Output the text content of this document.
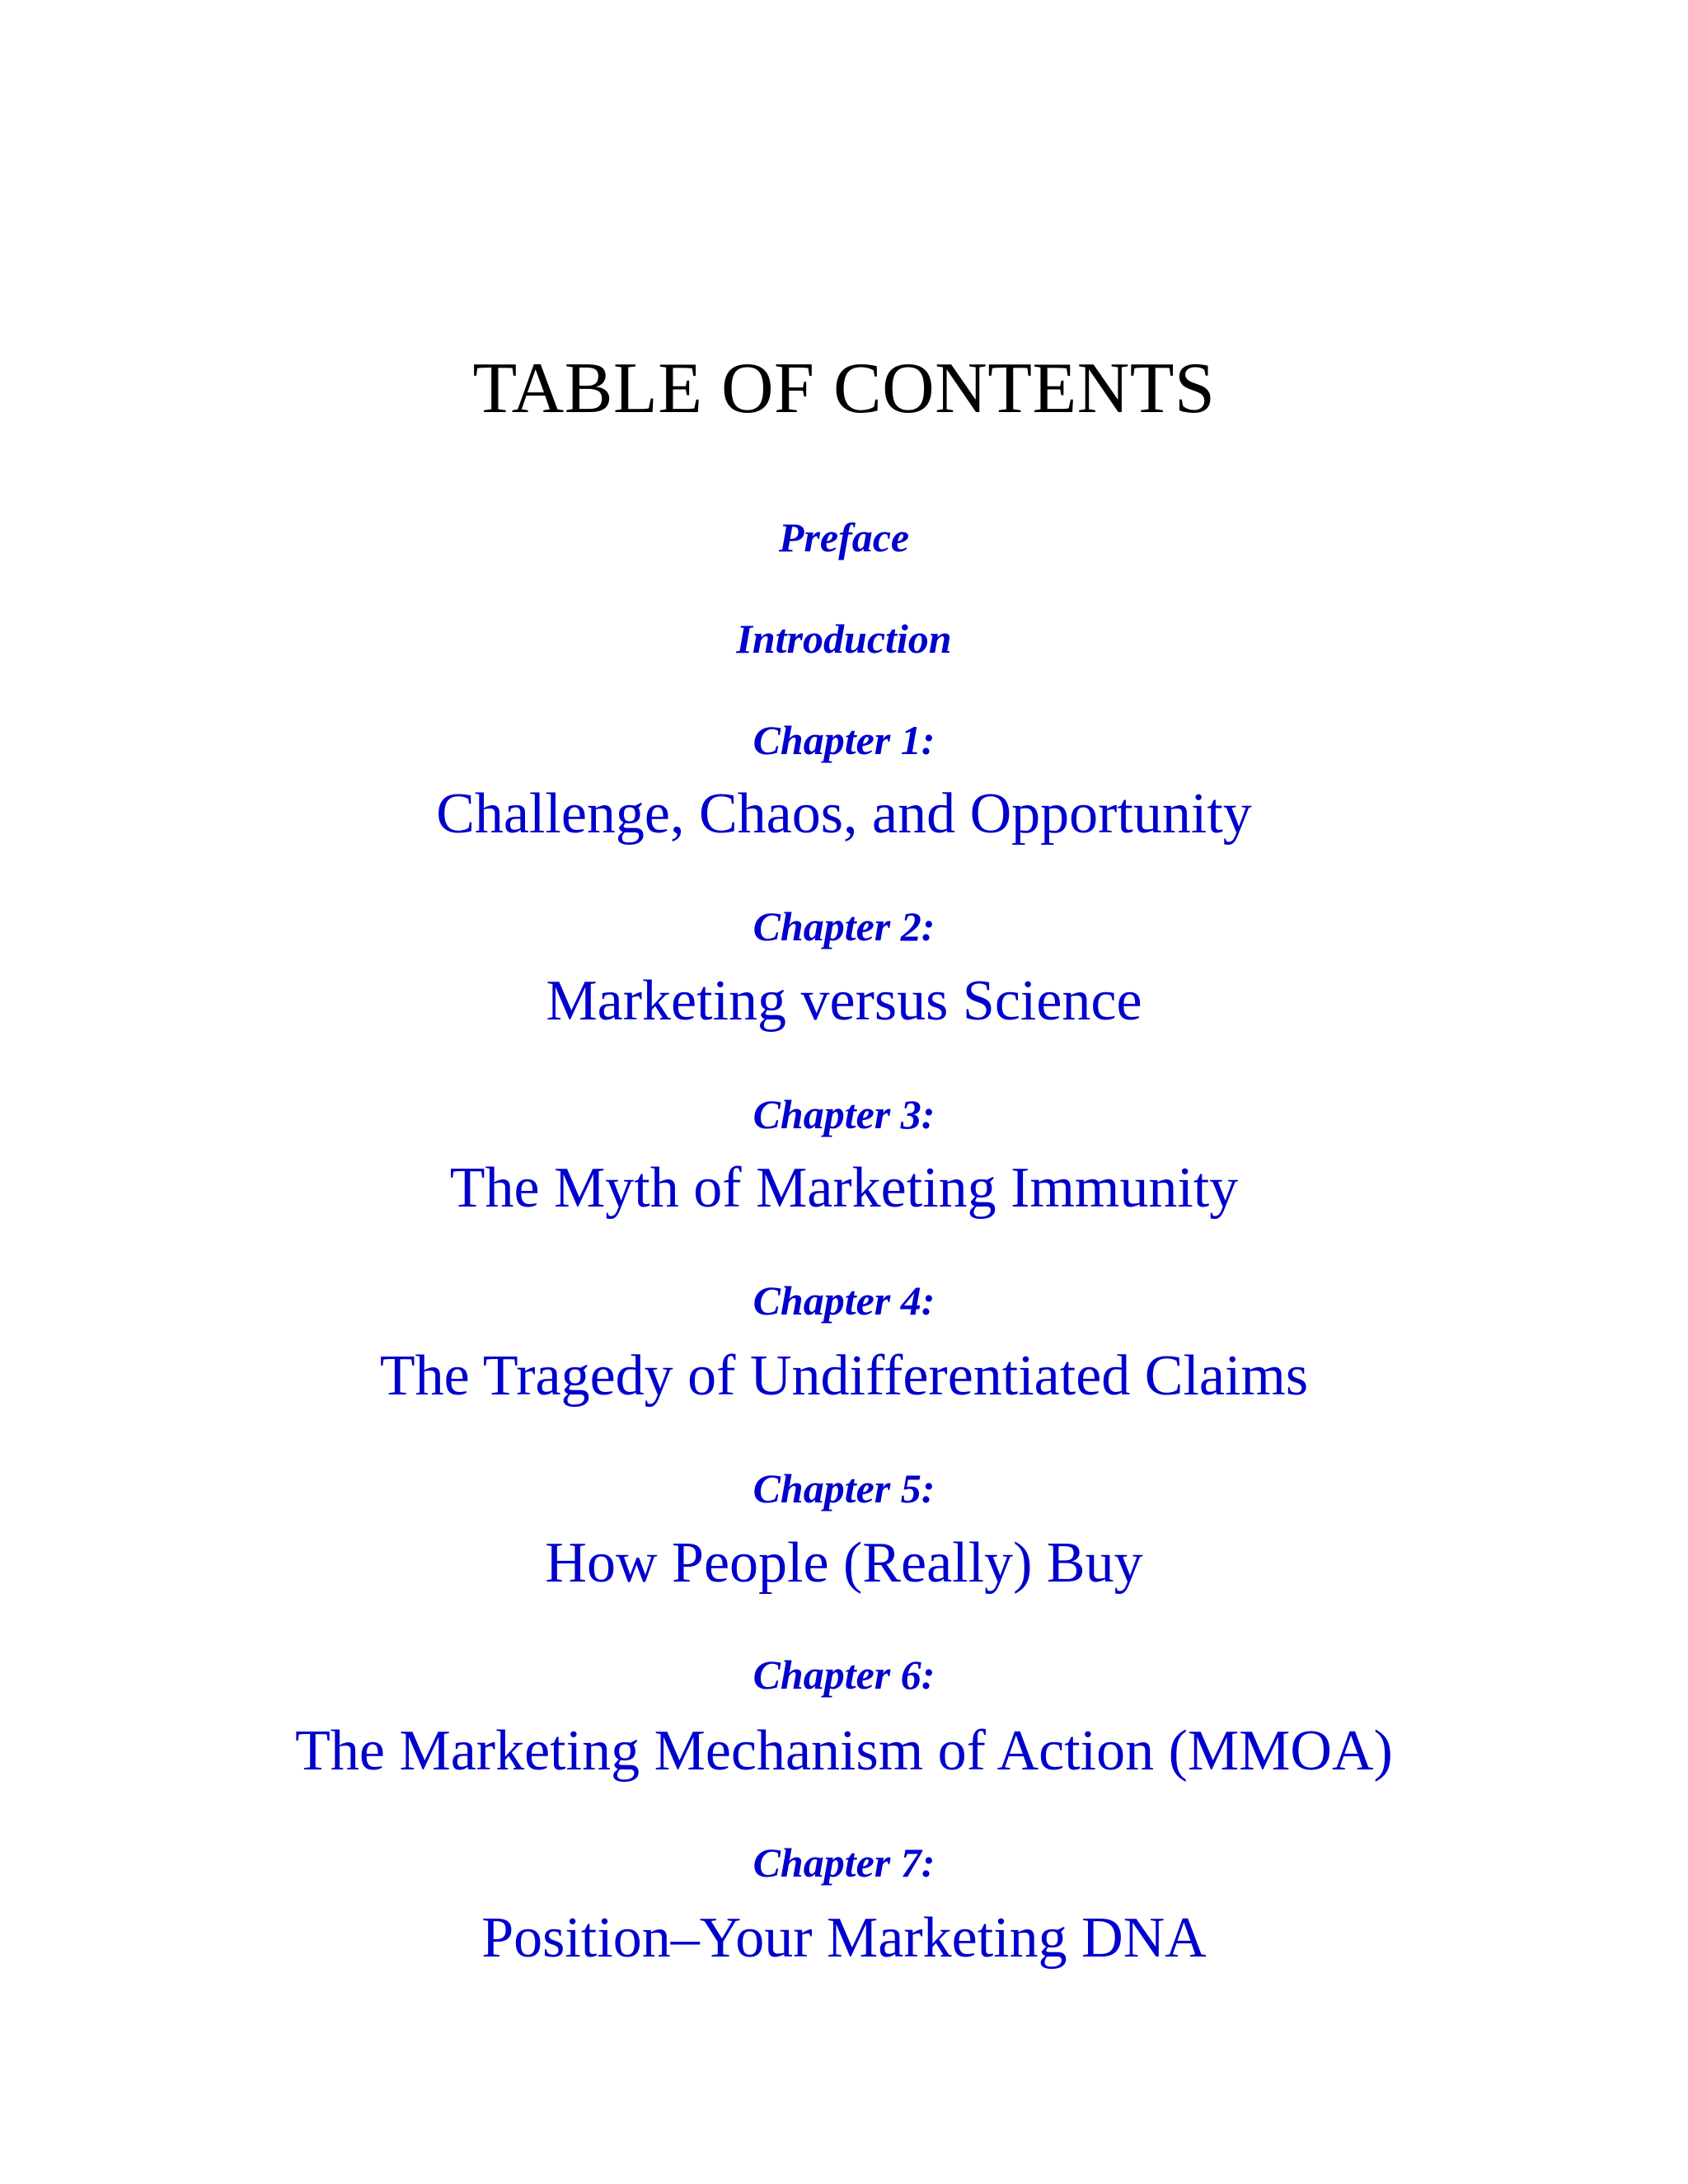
TABLE OF CONTENTS
Preface
Introduction
Chapter 1:
Challenge, Chaos, and Opportunity
Chapter 2:
Marketing versus Science
Chapter 3:
The Myth of Marketing Immunity
Chapter 4:
The Tragedy of Undifferentiated Claims
Chapter 5:
How People (Really) Buy
Chapter 6:
The Marketing Mechanism of Action (MMOA)
Chapter 7:
Position–Your Marketing DNA
